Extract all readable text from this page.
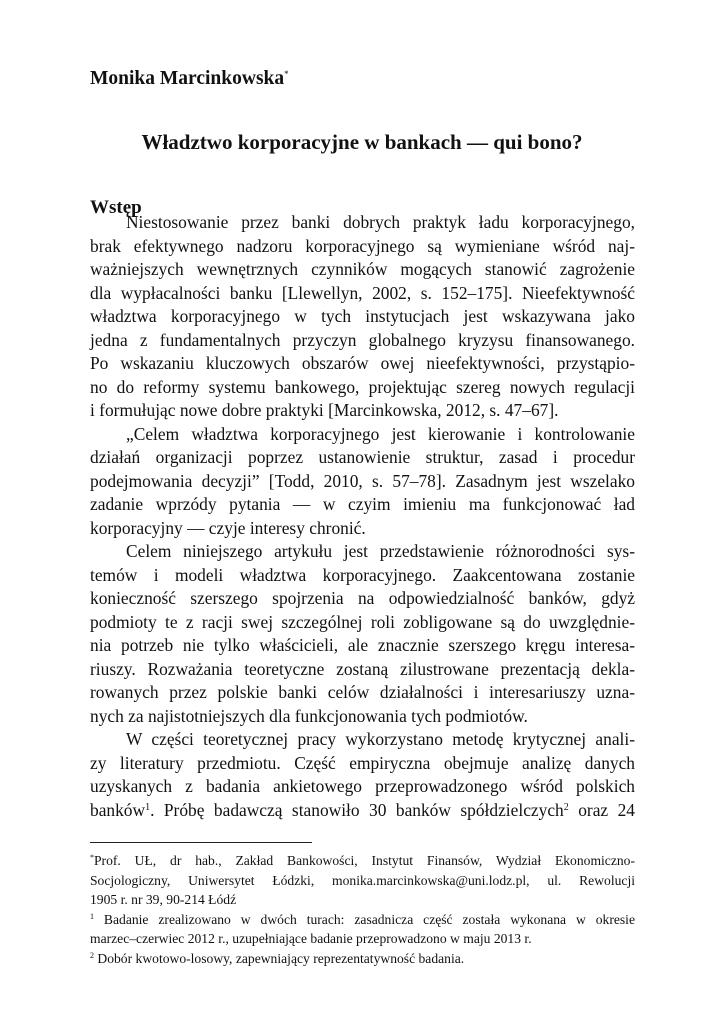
Monika Marcinkowska*
Władztwo korporacyjne w bankach — qui bono?
Wstęp
Niestosowanie przez banki dobrych praktyk ładu korporacyjnego,
brak efektywnego nadzoru korporacyjnego są wymieniane wśród naj-
ważniejszych wewnętrznych czynników mogących stanowić zagrożenie
dla wypłacalności banku [Llewellyn, 2002, s. 152–175]. Nieefektywność
władztwa korporacyjnego w tych instytucjach jest wskazywana jako
jedna z fundamentalnych przyczyn globalnego kryzysu finansowanego.
Po wskazaniu kluczowych obszarów owej nieefektywności, przystąpio-
no do reformy systemu bankowego, projektując szereg nowych regulacji
i formułując nowe dobre praktyki [Marcinkowska, 2012, s. 47–67].
„Celem władztwa korporacyjnego jest kierowanie i kontrolowanie
działań organizacji poprzez ustanowienie struktur, zasad i procedur
podejmowania decyzji” [Todd, 2010, s. 57–78]. Zasadnym jest wszelako
zadanie wprzódy pytania — w czyim imieniu ma funkcjonować ład
korporacyjny — czyje interesy chronić.
Celem niniejszego artykułu jest przedstawienie różnorodności sys-
temów i modeli władztwa korporacyjnego. Zaakcentowana zostanie
konieczność szerszego spojrzenia na odpowiedzialność banków, gdyż
podmioty te z racji swej szczególnej roli zobligowane są do uwzględnie-
nia potrzeb nie tylko właścicieli, ale znacznie szerszego kręgu interesa-
riuszy. Rozważania teoretyczne zostaną zilustrowane prezentacją dekla-
rowanych przez polskie banki celów działalności i interesariuszy uzna-
nych za najistotniejszych dla funkcjonowania tych podmiotów.
W części teoretycznej pracy wykorzystano metodę krytycznej anali-
zy literatury przedmiotu. Część empiryczna obejmuje analizę danych
uzyskanych z badania ankietowego przeprowadzonego wśród polskich
banków$^1$. Próbę badawczą stanowiło 30 banków spółdzielczych$^2$ oraz 24
*Prof. UŁ, dr hab., Zakład Bankowości, Instytut Finansów, Wydział Ekonomiczno-
Socjologiczny, Uniwersytet Łódzki, monika.marcinkowska@uni.lodz.pl, ul. Rewolucji
1905 r. nr 39, 90-214 Łódź
$^1$ Badanie zrealizowano w dwóch turach: zasadnicza część została wykonana w okresie
marzec–czerwiec 2012 r., uzupełniające badanie przeprowadzono w maju 2013 r.
$^2$ Dobór kwotowo-losowy, zapewniający reprezentatywność badania.
